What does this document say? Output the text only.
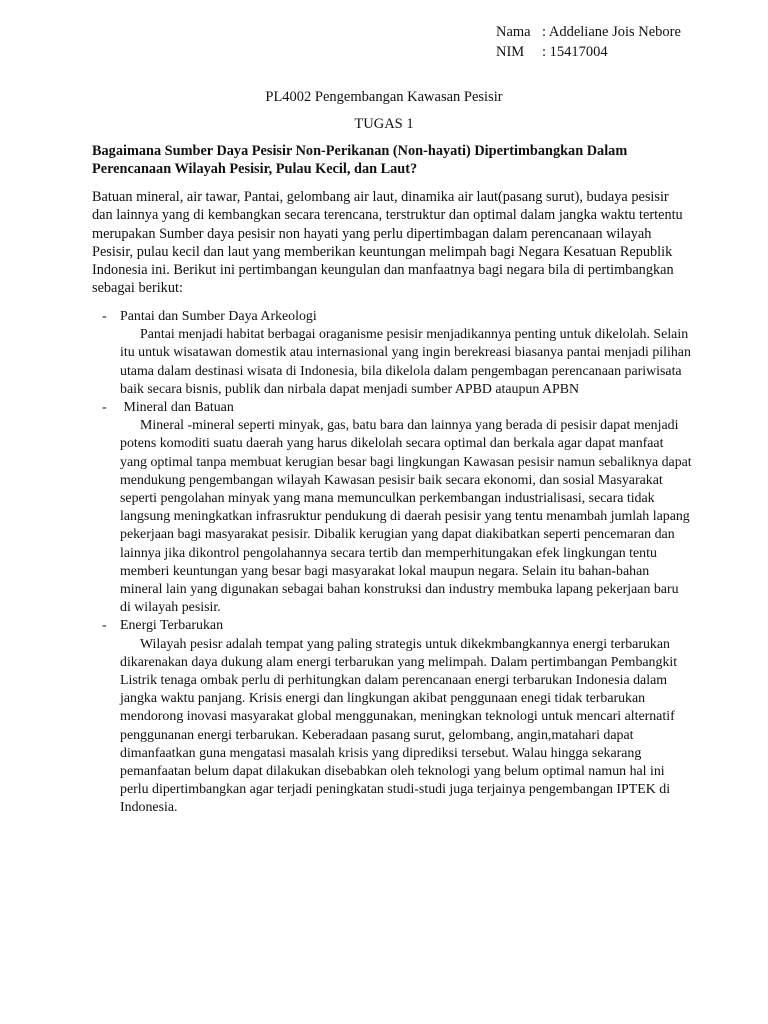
Nama : Addeliane Jois Nebore
NIM	: 15417004
PL4002 Pengembangan Kawasan Pesisir
TUGAS 1

Bagaimana Sumber Daya Pesisir Non-Perikanan (Non-hayati) Dipertimbangkan Dalam Perencanaan Wilayah Pesisir, Pulau Kecil, dan Laut?

Batuan mineral, air tawar, Pantai, gelombang air laut, dinamika air laut(pasang surut), budaya pesisir dan lainnya yang di kembangkan secara terencana, terstruktur dan optimal dalam jangka waktu tertentu merupakan Sumber daya pesisir non hayati yang perlu dipertimbagan dalam perencanaan wilayah Pesisir, pulau kecil dan laut yang memberikan keuntungan melimpah bagi Negara Kesatuan Republik Indonesia ini. Berikut ini pertimbangan keungulan dan manfaatnya bagi negara bila di pertimbangkan sebagai berikut:

- Pantai dan Sumber Daya Arkeologi

Pantai menjadi habitat berbagai oraganisme pesisir menjadikannya penting untuk dikelolah. Selain itu untuk wisatawan domestik atau internasional yang ingin berekreasi biasanya pantai menjadi pilihan utama dalam destinasi wisata di Indonesia, bila dikelola dalam pengembagan perencanaan pariwisata baik secara bisnis, publik dan nirbala dapat menjadi sumber APBD ataupun APBN

- Mineral dan Batuan

Mineral -mineral seperti minyak, gas, batu bara dan lainnya yang berada di pesisir dapat menjadi potens komoditi suatu daerah yang harus dikelolah secara optimal dan berkala agar dapat manfaat yang optimal tanpa membuat kerugian besar bagi lingkungan Kawasan pesisir namun sebaliknya dapat mendukung pengembangan wilayah Kawasan pesisir baik secara ekonomi, dan sosial Masyarakat seperti pengolahan minyak yang mana memunculkan perkembangan industrialisasi, secara tidak langsung meningkatkan infrasruktur pendukung di daerah pesisir yang tentu menambah jumlah lapang pekerjaan bagi masyarakat pesisir. Dibalik kerugian yang dapat diakibatkan seperti pencemaran dan lainnya jika dikontrol pengolahannya secara tertib dan memperhitungakan efek lingkungan tentu memberi keuntungan yang besar bagi masyarakat lokal maupun negara. Selain itu bahan-bahan mineral lain yang digunakan sebagai bahan konstruksi dan industry membuka lapang pekerjaan baru di wilayah pesisir.

- Energi Terbarukan

Wilayah pesisr adalah tempat yang paling strategis untuk dikekmbangkannya energi terbarukan dikarenakan daya dukung alam energi terbarukan yang melimpah. Dalam pertimbangan Pembangkit Listrik tenaga ombak perlu di perhitungkan dalam perencanaan energi terbarukan Indonesia dalam jangka waktu panjang. Krisis energi dan lingkungan akibat penggunaan enegi tidak terbarukan mendorong inovasi masyarakat global menggunakan, meningkan teknologi untuk mencari alternatif penggunanan energi terbarukan. Keberadaan pasang surut, gelombang, angin,matahari dapat dimanfaatkan guna mengatasi masalah krisis yang diprediksi tersebut. Walau hingga sekarang pemanfaatan belum dapat dilakukan disebabkan oleh teknologi yang belum optimal namun hal ini perlu dipertimbangkan agar terjadi peningkatan studi-studi juga terjainya pengembangan IPTEK di Indonesia.
